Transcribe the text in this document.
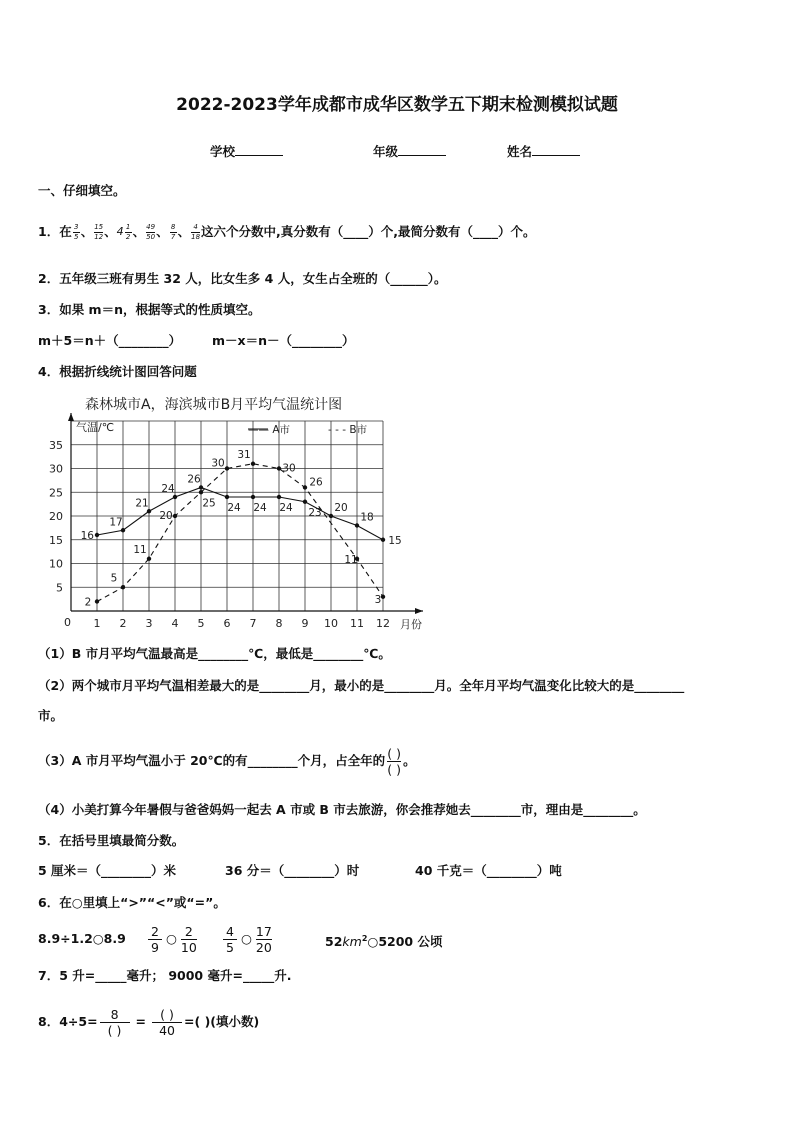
2022-2023学年成都市成华区数学五下期末检测模拟试题
学校	年级	姓名
一、仔细填空。
1．在 $\frac{3}{5}$ 、 $\frac{15}{12}$ 、 $4 \frac{1}{2}$ 、 $\frac{49}{50}$ 、 $\frac{8}{7}$ 、 $\frac{4}{18}$ 这六个分数中,真分数有（____）个,最简分数有（____）个。
2．五年级三班有男生 32 人，比女生多 4 人，女生占全班的（______）。
3．如果 m＝n，根据等式的性质填空。
m＋5＝n＋（________） m－x＝n－（________）
4．根据折线统计图回答问题
森林城市A，海滨城市B月平均气温统计图
气温/℃
月份
0
—— A市	- - - B市
5
10
15
20
25
30
35
1 2 3 4 5 6 7 8 9 10 11 12
16
17
21
24
26
24 24 24 23 20
18
15
2
5
11
20
25
30
31
30
26
11
3
（1）B 市月平均气温最高是________℃，最低是________℃。
（2）两个城市月平均气温相差最大的是________月，最小的是________月。全年月平均气温变化比较大的是________
市。
（3）A 市月平均气温小于 20℃的有________个月，占全年的 ( )
( )
。
（4）小美打算今年暑假与爸爸妈妈一起去 A 市或 B 市去旅游，你会推荐她去________市，理由是________。
5．在括号里填最简分数。
5 厘米＝（________）米	36 分＝（________）时	40 千克＝（________）吨
6．在○里填上“>”“<”或“=”。
8.9÷1.2○8.9 2
9
○ 2
10
4
5
○ 17
20	$52km^2○5200$ 公顷
7．5 升=_____毫升； 9000 毫升=_____升.
8．4÷5= 8
( )
= ( )
40
=( )(填小数)
